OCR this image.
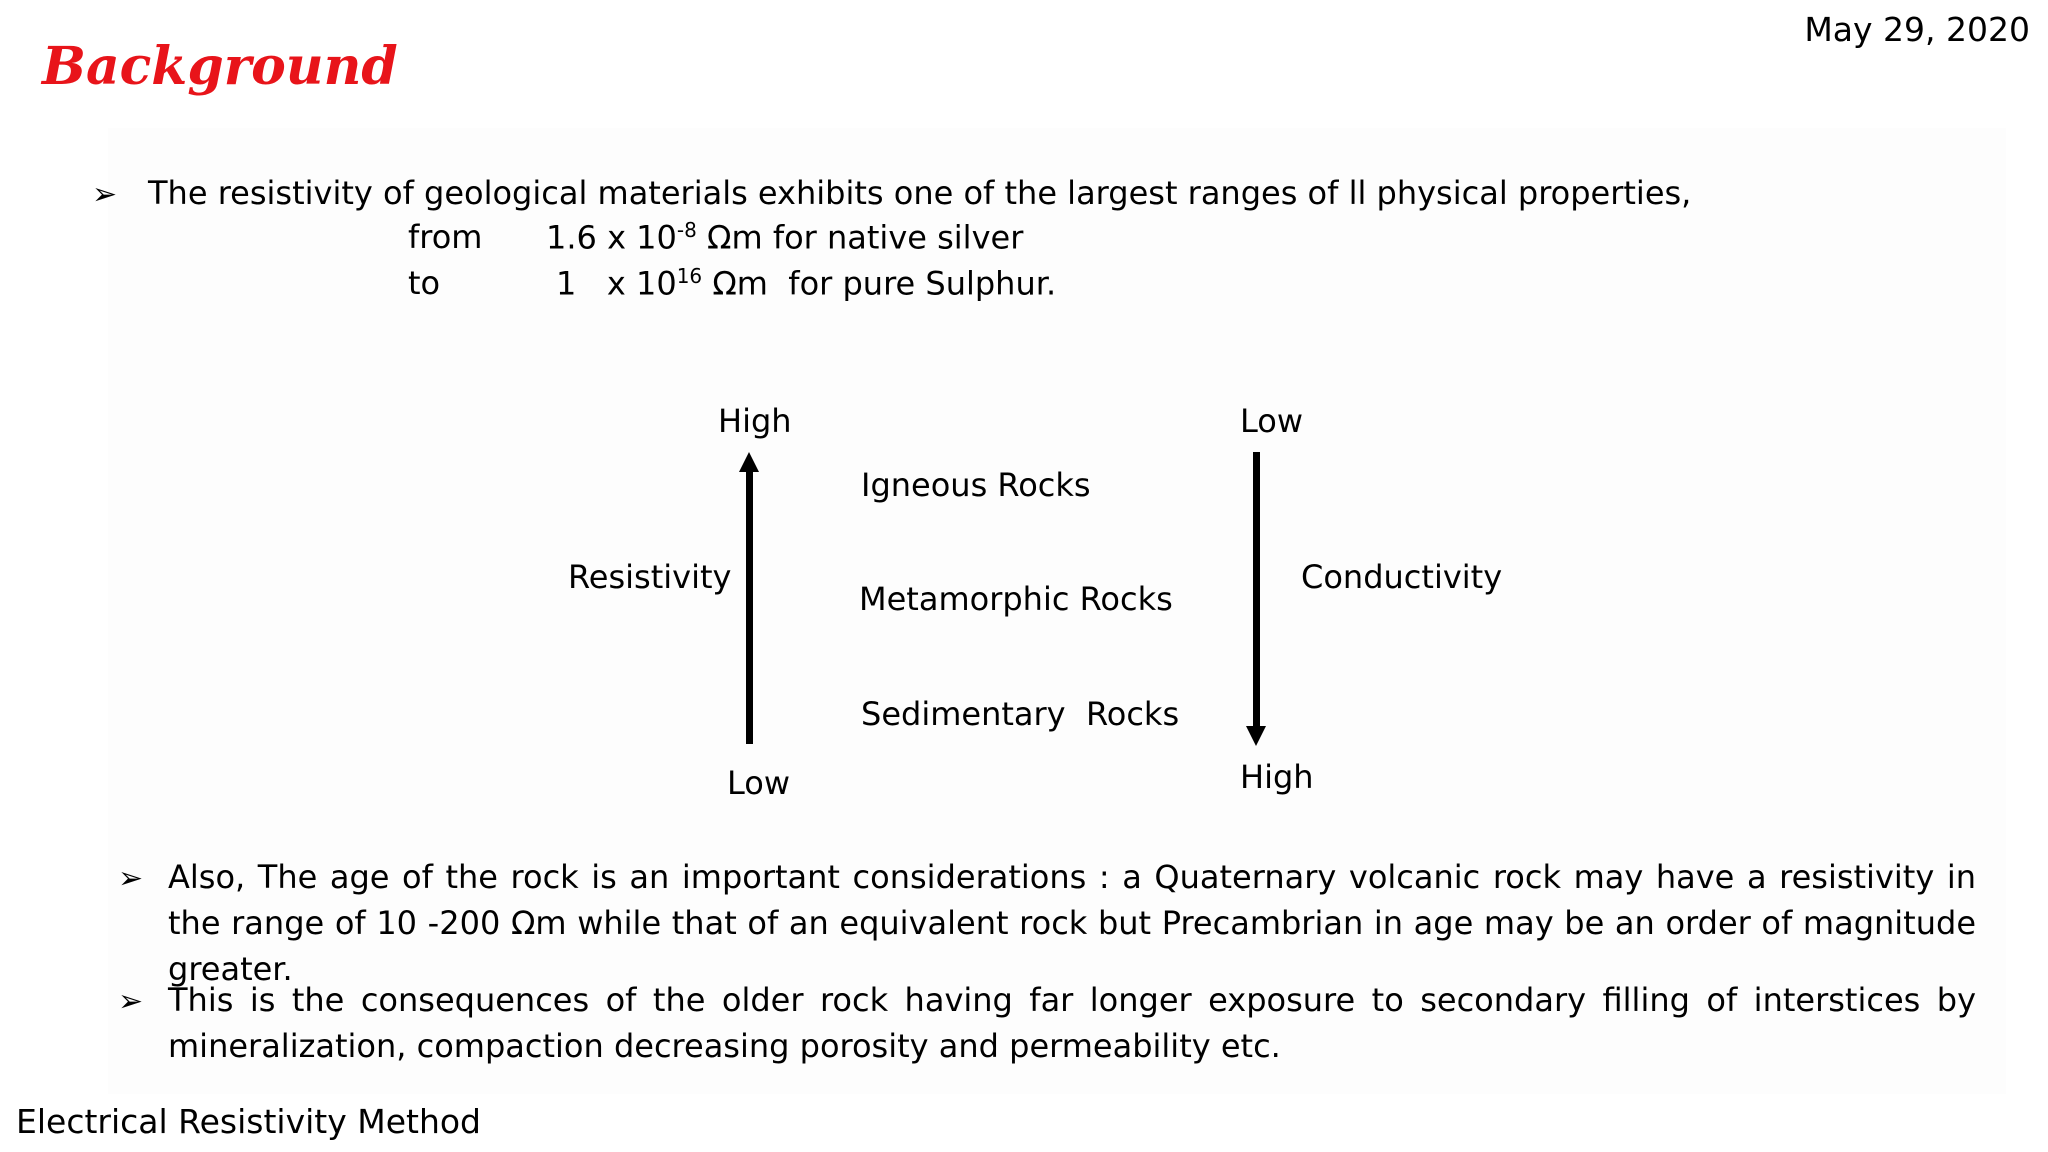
May 29, 2020
Background
➢ The resistivity of geological materials exhibits one of the largest ranges of ll physical properties,
from 1.6 x $10^{-8}$ Ωm for native silver
to	1   x $10^{16}$ Ωm  for pure Sulphur.
High
Resistivity
Low
Igneous Rocks
Metamorphic Rocks
Sedimentary  Rocks
Low
Conductivity
High
➢ Also, The age of the rock is an important considerations : a Quaternary volcanic rock may have a resistivity in the range of 10 -200 Ωm while that of an equivalent rock but Precambrian in age may be an order of magnitude greater.
➢ This is the consequences of the older rock having far longer exposure to secondary filling of interstices by mineralization, compaction decreasing porosity and permeability etc.
Electrical Resistivity Method
